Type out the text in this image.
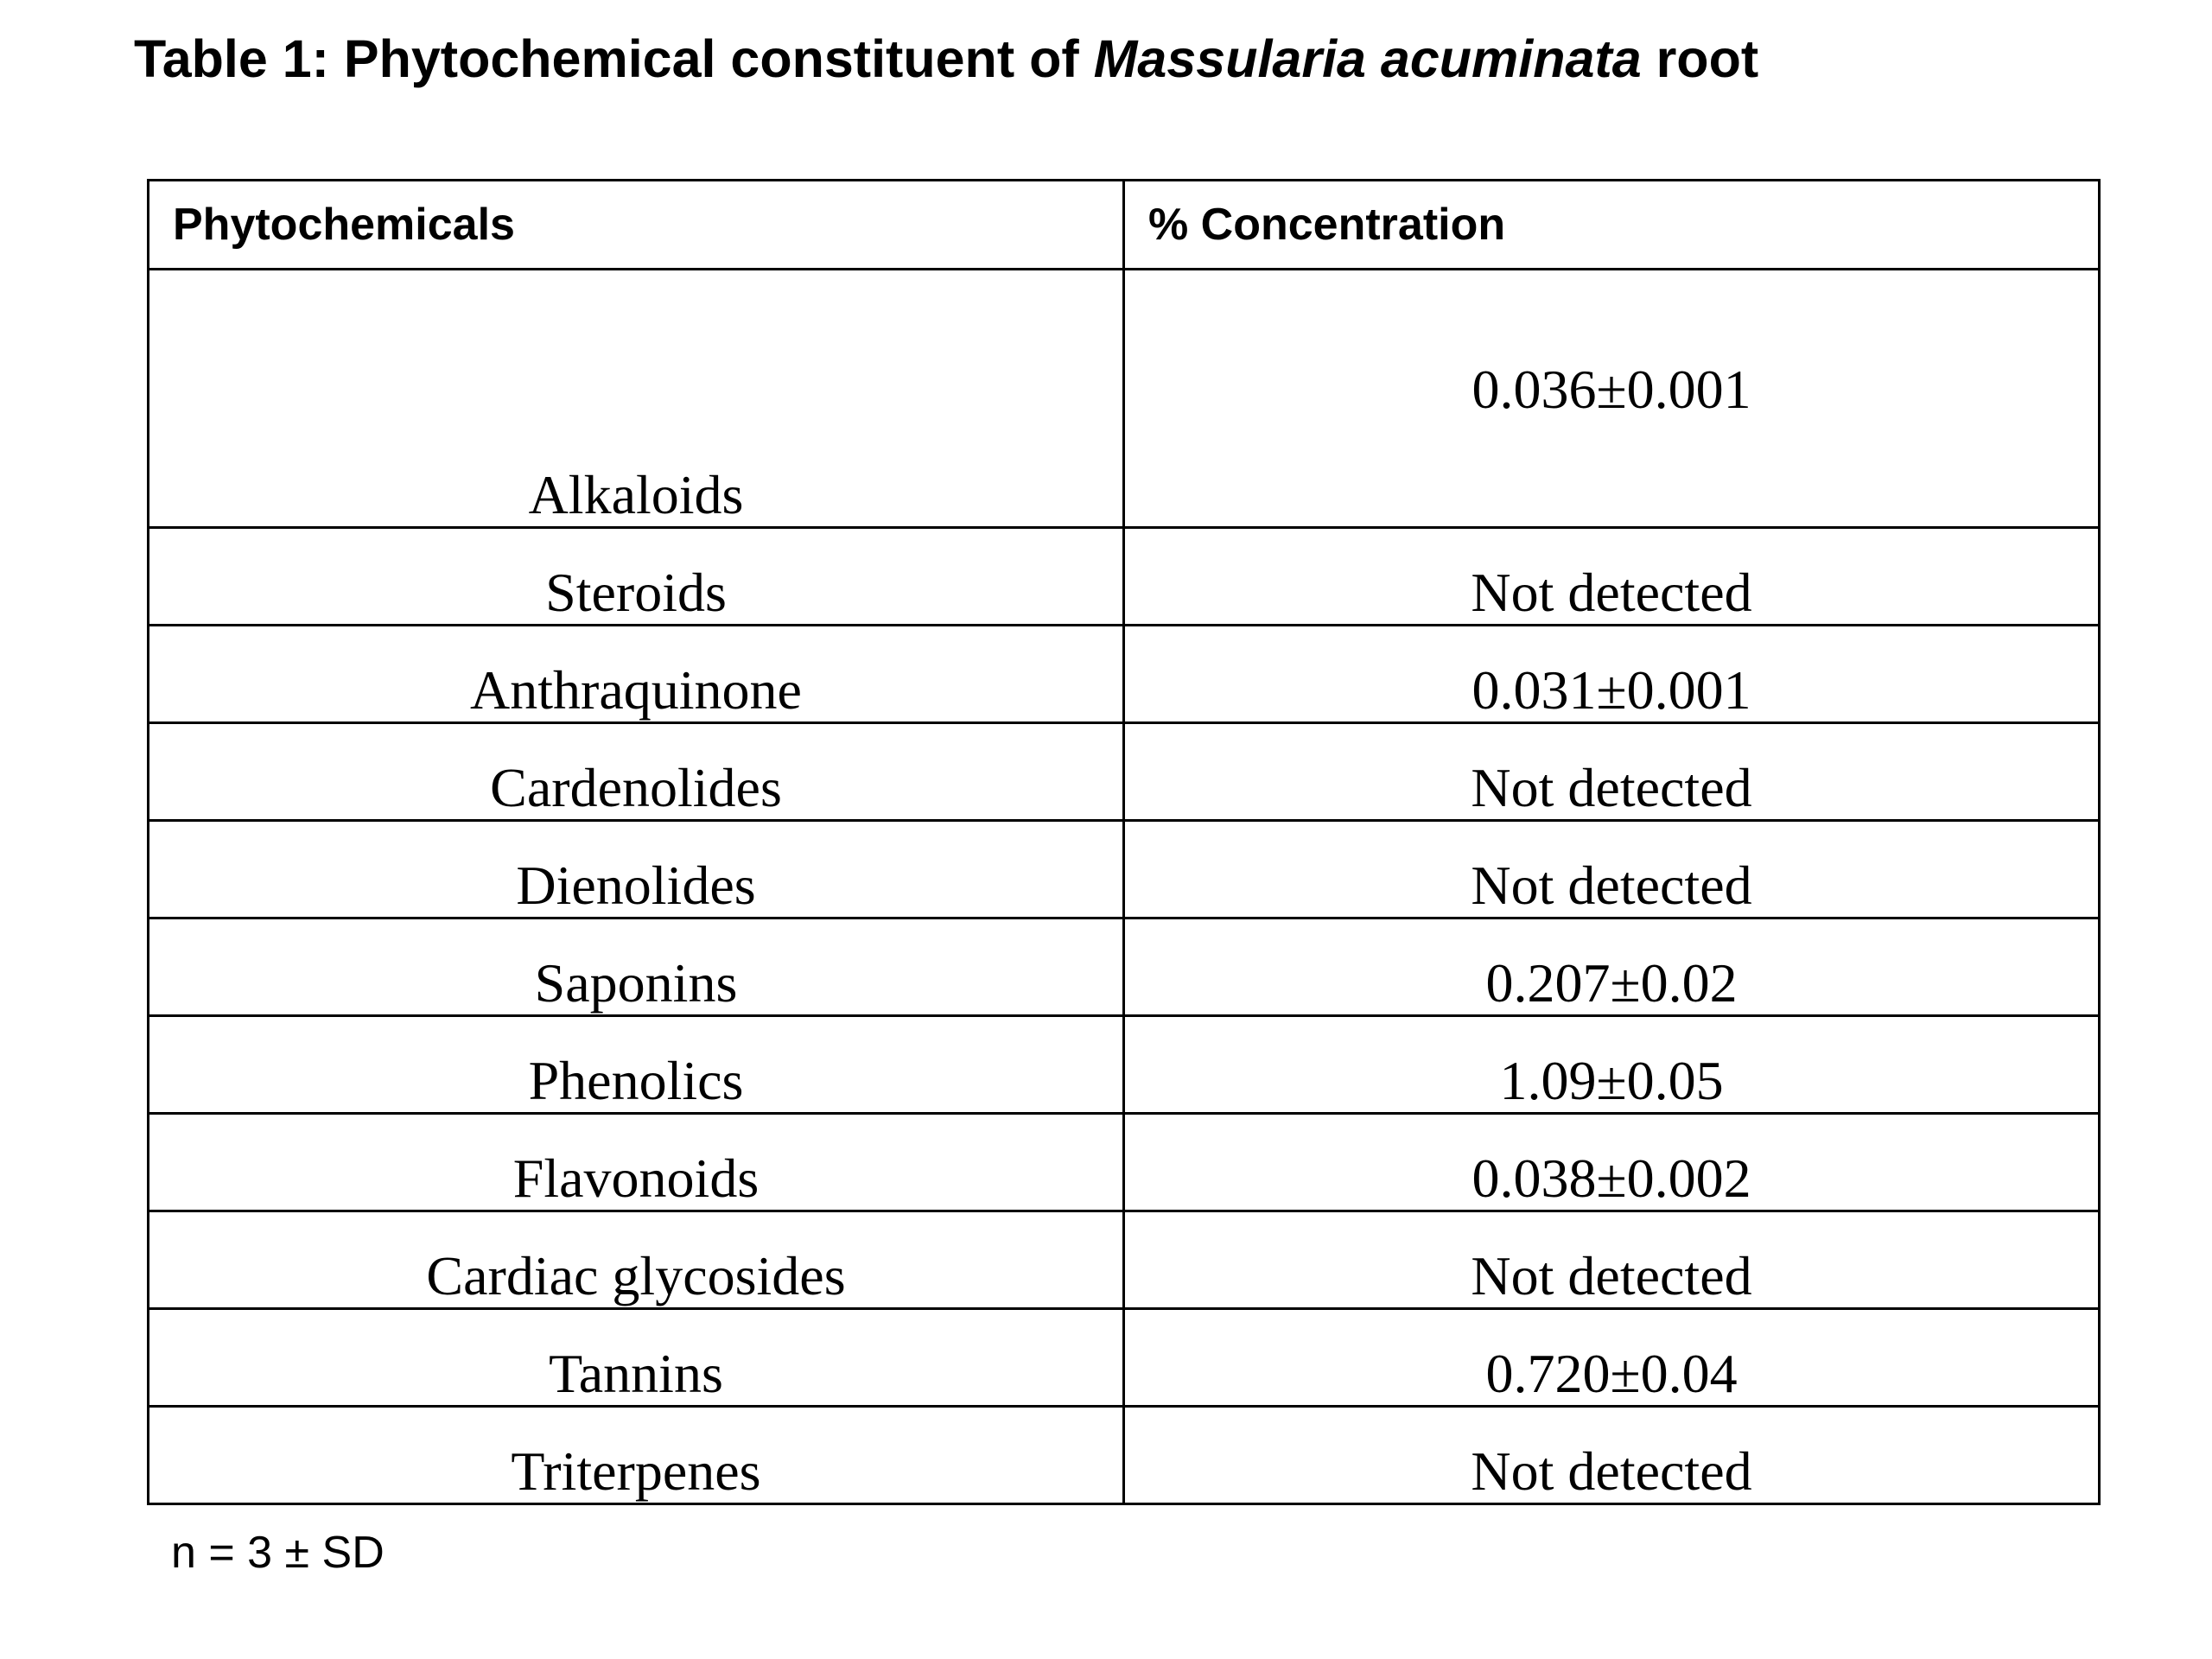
Table 1: Phytochemical constituent of Massularia acuminata root
Phytochemicals	% Concentration
Alkaloids	0.036±0.001
Steroids	Not detected
Anthraquinone	0.031±0.001
Cardenolides	Not detected
Dienolides	Not detected
Saponins	0.207±0.02
Phenolics	1.09±0.05
Flavonoids	0.038±0.002
Cardiac glycosides	Not detected
Tannins	0.720±0.04
Triterpenes	Not detected
n = 3 ± SD
